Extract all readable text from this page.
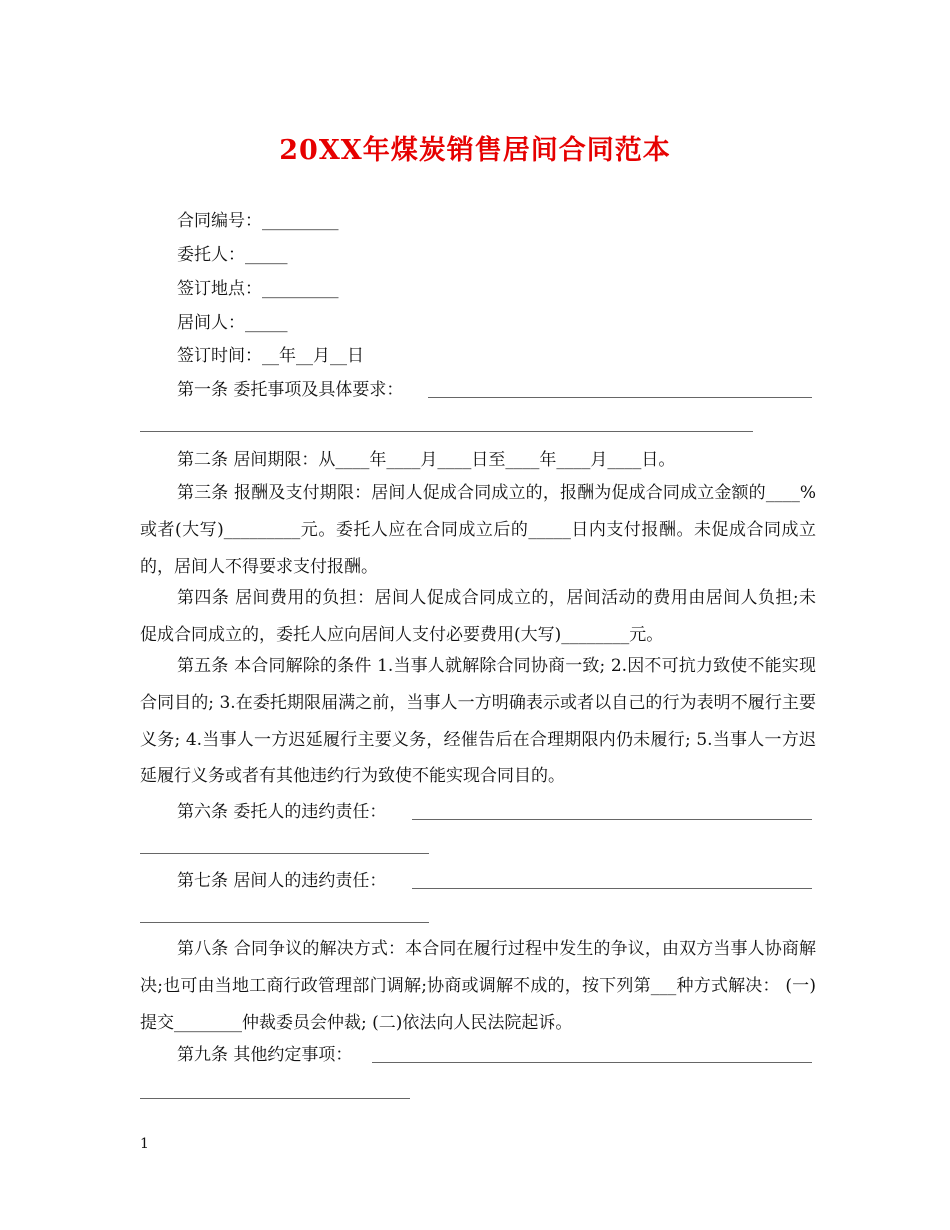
20XX年煤炭销售居间合同范本
合同编号：_________
委托人：_____
签订地点：_________
居间人：_____
签订时间：__年__月__日
第一条 委托事项及具体要求：
第二条 居间期限：从____年____月____日至____年____月____日。

第三条 报酬及支付期限：居间人促成合同成立的，报酬为促成合同成立金额的____%或者(大写)_________元。委托人应在合同成立后的_____日内支付报酬。未促成合同成立的，居间人不得要求支付报酬。

第四条 居间费用的负担：居间人促成合同成立的，居间活动的费用由居间人负担;未促成合同成立的，委托人应向居间人支付必要费用(大写)________元。

第五条 本合同解除的条件 1.当事人就解除合同协商一致; 2.因不可抗力致使不能实现合同目的; 3.在委托期限届满之前，当事人一方明确表示或者以自己的行为表明不履行主要义务; 4.当事人一方迟延履行主要义务，经催告后在合理期限内仍未履行; 5.当事人一方迟延履行义务或者有其他违约行为致使不能实现合同目的。

第六条 委托人的违约责任：
第七条 居间人的违约责任：

第八条 合同争议的解决方式：本合同在履行过程中发生的争议，由双方当事人协商解决;也可由当地工商行政管理部门调解;协商或调解不成的，按下列第___种方式解决： (一)提交________仲裁委员会仲裁; (二)依法向人民法院起诉。

第九条 其他约定事项：
1
